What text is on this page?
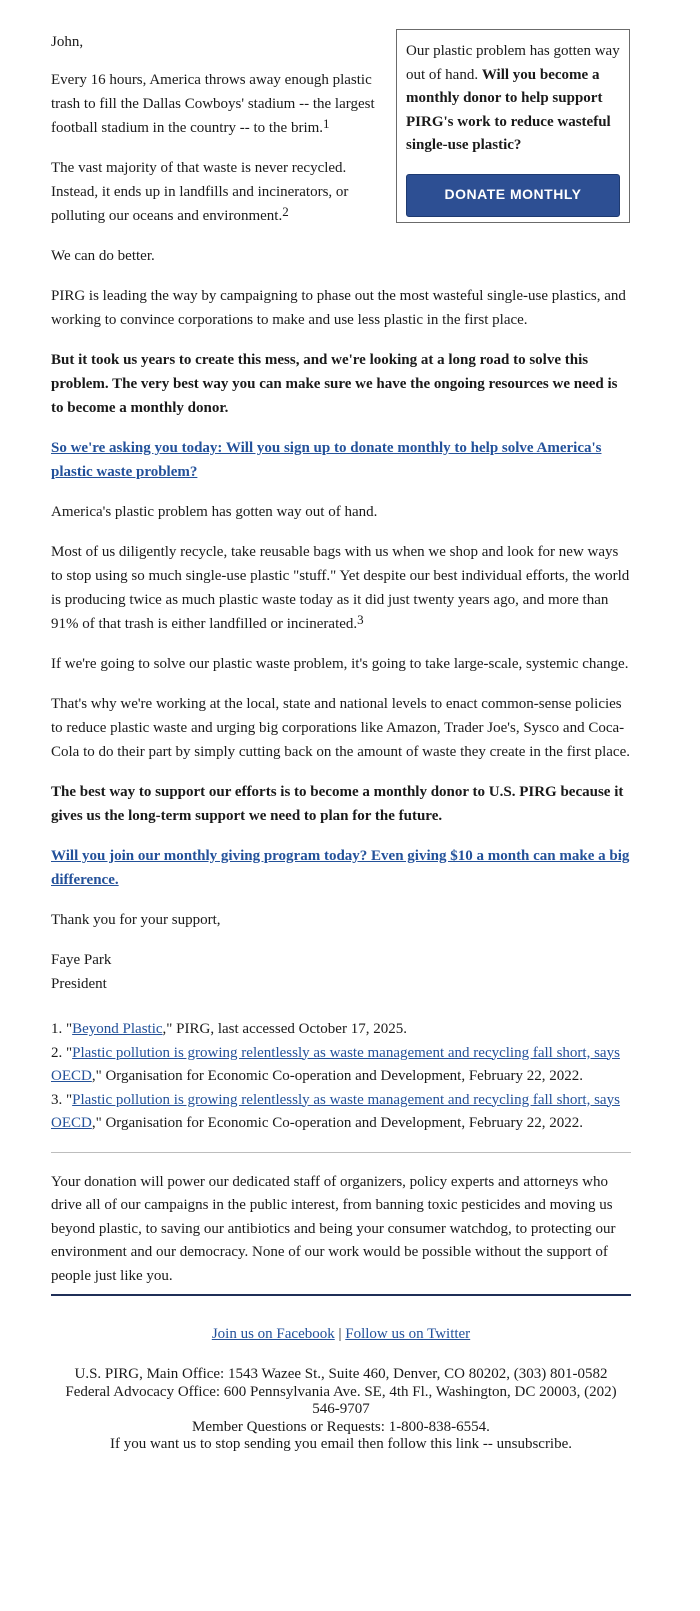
Our plastic problem has gotten way out of hand. Will you become a monthly donor to help support PIRG's work to reduce wasteful single-use plastic?

DONATE MONTHLY

John,

Every 16 hours, America throws away enough plastic trash to fill the Dallas Cowboys' stadium -- the largest football stadium in the country -- to the brim.$^1$

The vast majority of that waste is never recycled. Instead, it ends up in landfills and incinerators, or polluting our oceans and environment.$^2$

We can do better.

PIRG is leading the way by campaigning to phase out the most wasteful single-use plastics, and working to convince corporations to make and use less plastic in the first place.

But it took us years to create this mess, and we're looking at a long road to solve this problem. The very best way you can make sure we have the ongoing resources we need is to become a monthly donor.

So we're asking you today: Will you sign up to donate monthly to help solve America's plastic waste problem?

America's plastic problem has gotten way out of hand.

Most of us diligently recycle, take reusable bags with us when we shop and look for new ways to stop using so much single-use plastic "stuff." Yet despite our best individual efforts, the world is producing twice as much plastic waste today as it did just twenty years ago, and more than 91% of that trash is either landfilled or incinerated.$^3$

If we're going to solve our plastic waste problem, it's going to take large-scale, systemic change.

That's why we're working at the local, state and national levels to enact common-sense policies to reduce plastic waste and urging big corporations like Amazon, Trader Joe's, Sysco and Coca-Cola to do their part by simply cutting back on the amount of waste they create in the first place.

The best way to support our efforts is to become a monthly donor to U.S. PIRG because it gives us the long-term support we need to plan for the future.

Will you join our monthly giving program today? Even giving $10 a month can make a big difference.

Thank you for your support,

Faye Park
President
1. "Beyond Plastic," PIRG, last accessed October 17, 2025.
2. "Plastic pollution is growing relentlessly as waste management and recycling fall short, says OECD," Organisation for Economic Co-operation and Development, February 22, 2022.
3. "Plastic pollution is growing relentlessly as waste management and recycling fall short, says OECD," Organisation for Economic Co-operation and Development, February 22, 2022.

Your donation will power our dedicated staff of organizers, policy experts and attorneys who drive all of our campaigns in the public interest, from banning toxic pesticides and moving us beyond plastic, to saving our antibiotics and being your consumer watchdog, to protecting our environment and our democracy. None of our work would be possible without the support of people just like you.

Join us on Facebook | Follow us on Twitter
U.S. PIRG, Main Office: 1543 Wazee St., Suite 460, Denver, CO 80202, (303) 801-0582
Federal Advocacy Office: 600 Pennsylvania Ave. SE, 4th Fl., Washington, DC 20003, (202) 546-9707
Member Questions or Requests: 1-800-838-6554.
If you want us to stop sending you email then follow this link -- unsubscribe.
